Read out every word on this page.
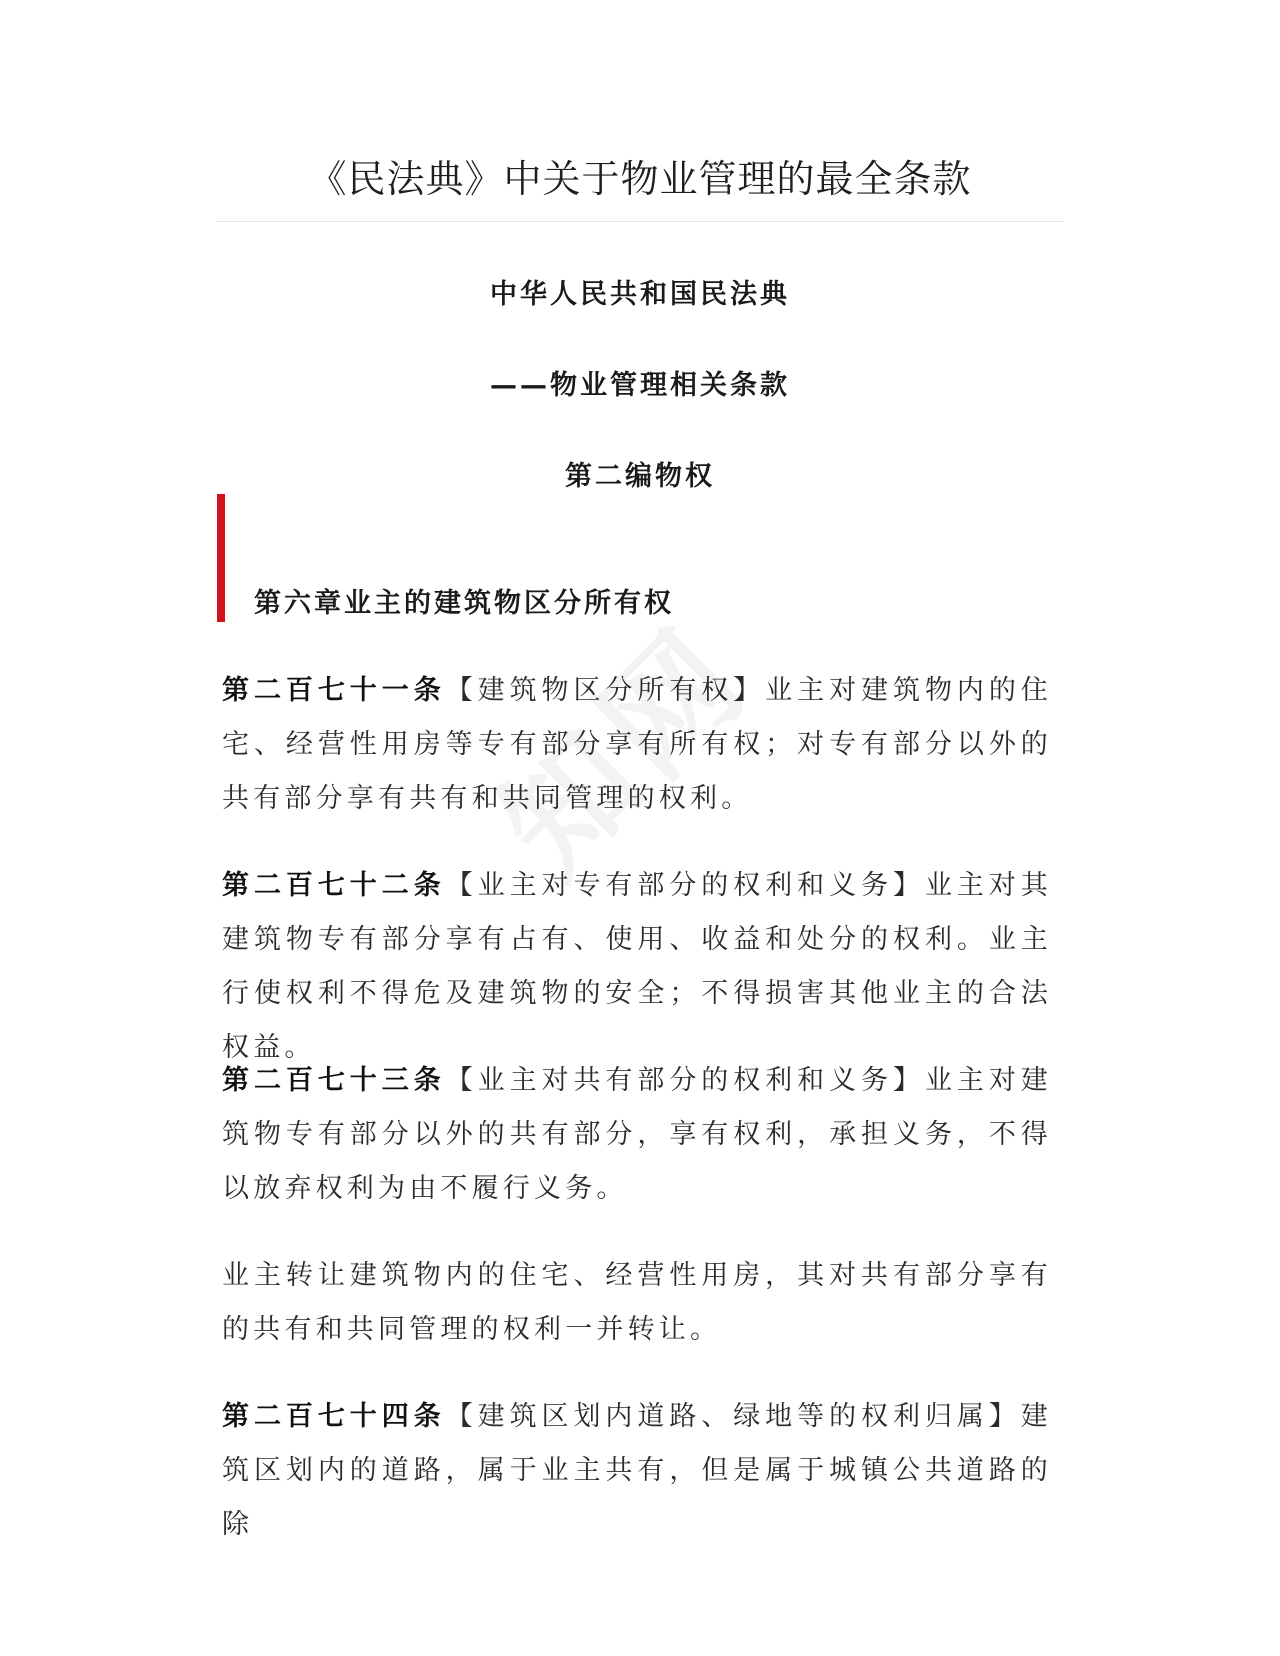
《民法典》中关于物业管理的最全条款
中华人民共和国民法典
——物业管理相关条款
第二编物权
第六章业主的建筑物区分所有权

第二百七十一条【建筑物区分所有权】业主对建筑物内的住宅、经营性用房等专有部分享有所有权；对专有部分以外的共有部分享有共有和共同管理的权利。

第二百七十二条【业主对专有部分的权利和义务】业主对其建筑物专有部分享有占有、使用、收益和处分的权利。业主行使权利不得危及建筑物的安全；不得损害其他业主的合法权益。

第二百七十三条【业主对共有部分的权利和义务】业主对建筑物专有部分以外的共有部分，享有权利，承担义务，不得以放弃权利为由不履行义务。

业主转让建筑物内的住宅、经营性用房，其对共有部分享有的共有和共同管理的权利一并转让。

第二百七十四条【建筑区划内道路、绿地等的权利归属】建筑区划内的道路，属于业主共有，但是属于城镇公共道路的除
